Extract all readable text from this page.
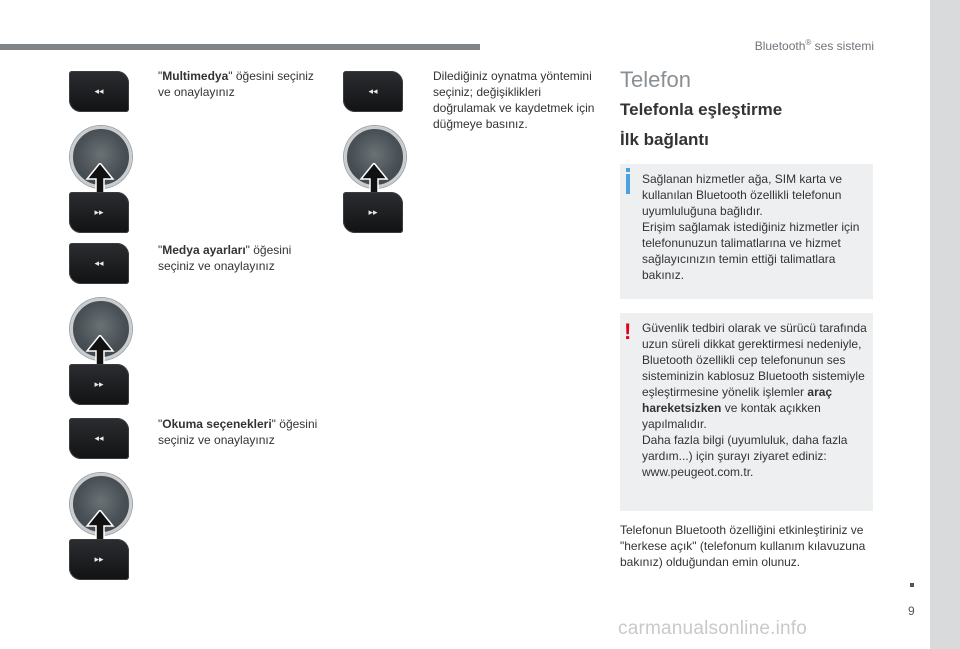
Bluetooth® ses sistemi
9
carmanualsonline.info
◂◂
▸▸
◂◂
▸▸
◂◂
▸▸
◂◂
▸▸
"Multimedya" öğesini seçiniz ve onaylayınız
"Medya ayarları" öğesini seçiniz ve onaylayınız
"Okuma seçenekleri" öğesini seçiniz ve onaylayınız
Dilediğiniz oynatma yöntemini seçiniz; değişiklikleri doğrulamak ve kaydetmek için düğmeye basınız.
Telefon
Telefonla eşleştirme
İlk bağlantı
Sağlanan hizmetler ağa, SIM karta ve kullanılan Bluetooth özellikli telefonun uyumluluğuna bağlıdır.
Erişim sağlamak istediğiniz hizmetler için telefonunuzun talimatlarına ve hizmet sağlayıcınızın temin ettiği talimatlara bakınız.
! Güvenlik tedbiri olarak ve sürücü tarafında uzun süreli dikkat gerektirmesi nedeniyle, Bluetooth özellikli cep telefonunun ses sisteminizin kablosuz Bluetooth sistemiyle eşleştirmesine yönelik işlemler araç hareketsizken ve kontak açıkken yapılmalıdır.
Daha fazla bilgi (uyumluluk, daha fazla yardım...) için şurayı ziyaret ediniz: www.peugeot.com.tr.
Telefonun Bluetooth özelliğini etkinleştiriniz ve "herkese açık" (telefonum kullanım kılavuzuna bakınız) olduğundan emin olunuz.
